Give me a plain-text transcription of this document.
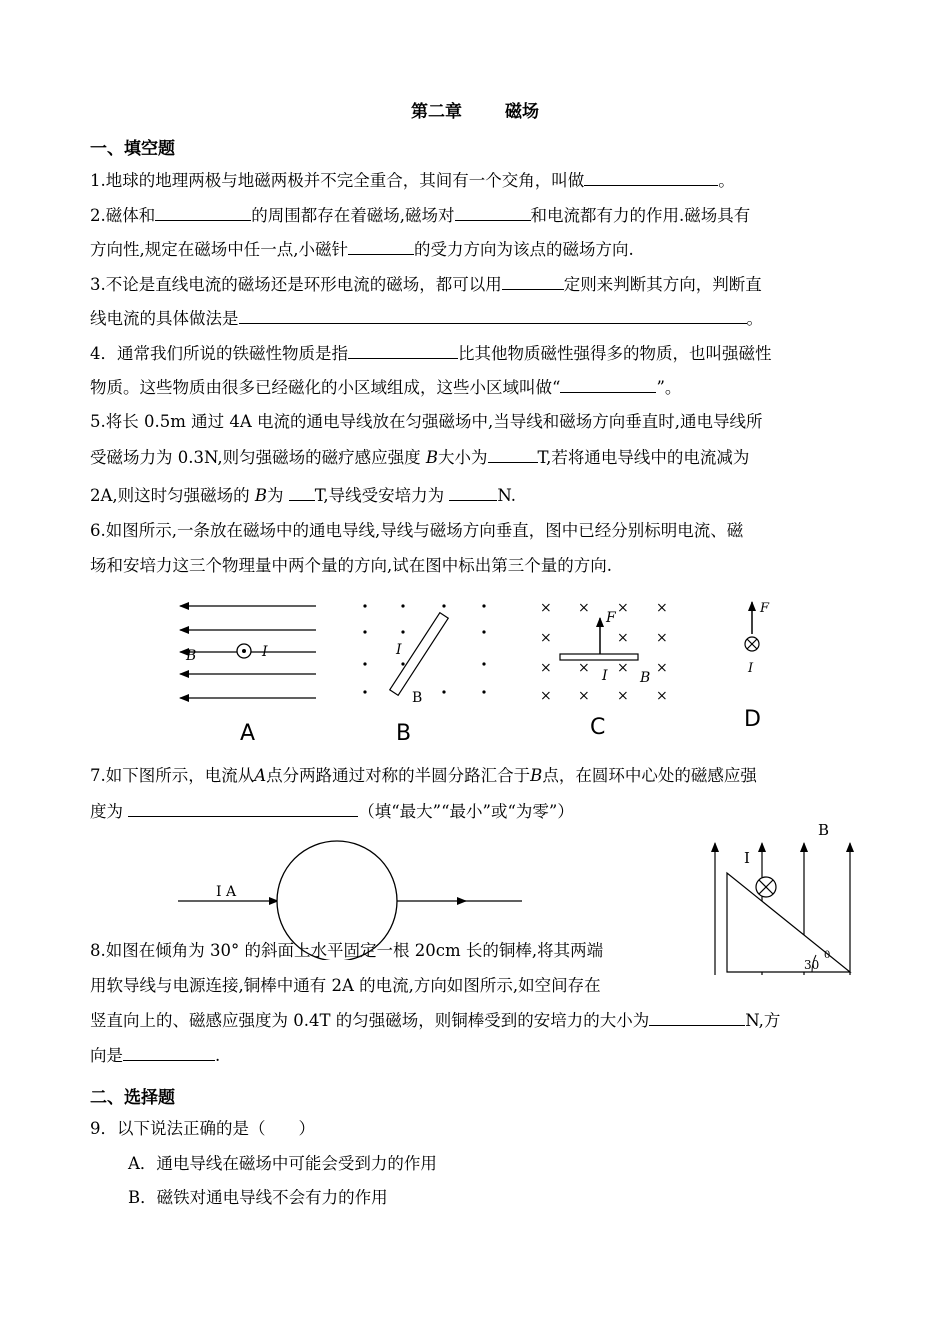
第二章　 磁场
一、填空题
1.地球的地理两极与地磁两极并不完全重合，其间有一个交角，叫做	。
2.磁体和	的周围都存在着磁场,磁场对	和电流都有力的作用.磁场具有
方向性,规定在磁场中任一点,小磁针	的受力方向为该点的磁场方向.
3.不论是直线电流的磁场还是环形电流的磁场，都可以用	定则来判断其方向，判断直
线电流的具体做法是	。
4．通常我们所说的铁磁性物质是指	比其他物质磁性强得多的物质，也叫强磁性
物质。这些物质由很多已经磁化的小区域组成，这些小区域叫做“	”。
5.将长 0.5m 通过 4A 电流的通电导线放在匀强磁场中,当导线和磁场方向垂直时,通电导线所
受磁场力为 0.3N,则匀强磁场的磁疗感应强度 B大小为	T,若将通电导线中的电流减为
2A,则这时匀强磁场的 B为 T,导线受安培力为	N.
6.如图所示,一条放在磁场中的通电导线,导线与磁场方向垂直，图中已经分别标明电流、磁
场和安培力这三个物理量中两个量的方向,试在图中标出第三个量的方向.
B	I
A
I
B
B
× × × ×
×	× ×
× × × ×
× × × ×
F
I B
C
F
I
D
7.如下图所示，电流从A点分两路通过对称的半圆分路汇合于B点，在圆环中心处的磁感应强
度为	（填“最大”“最小”或“为零”）
I A
B
I
30
0
8.如图在倾角为 30° 的斜面上水平固定一根 20cm 长的铜棒,将其两端
用软导线与电源连接,铜棒中通有 2A 的电流,方向如图所示,如空间存在
竖直向上的、磁感应强度为 0.4T 的匀强磁场，则铜棒受到的安培力的大小为	N,方
向是	.
二、选择题
9．以下说法正确的是（　　）
A．通电导线在磁场中可能会受到力的作用
B．磁铁对通电导线不会有力的作用
